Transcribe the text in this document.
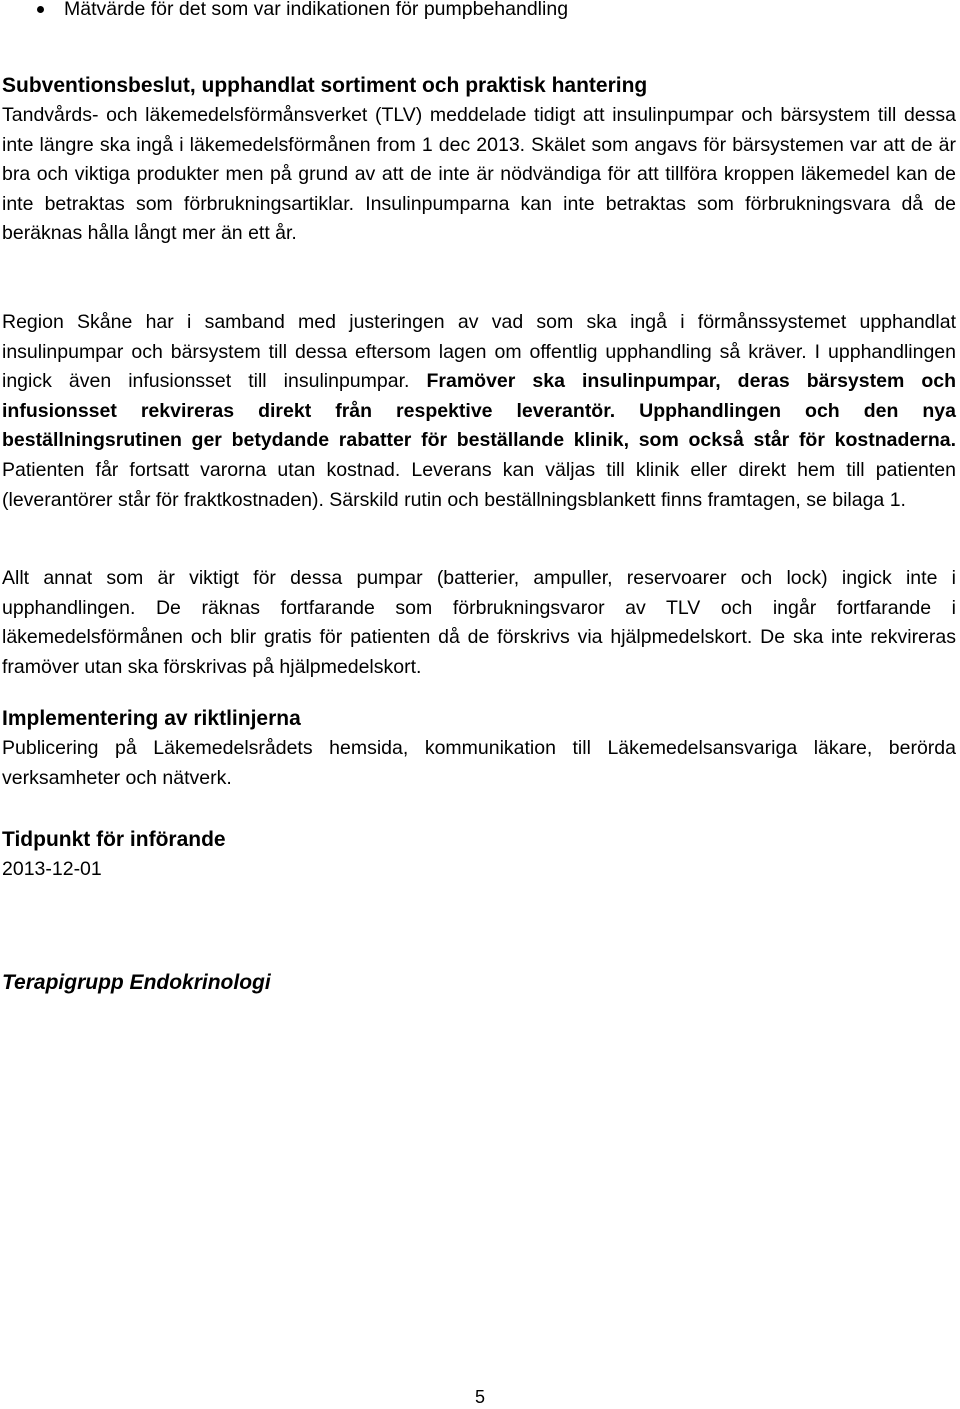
Mätvärde för det som var indikationen för pumpbehandling
Subventionsbeslut, upphandlat sortiment och praktisk hantering

Tandvårds- och läkemedelsförmånsverket (TLV) meddelade tidigt att insulinpumpar och bärsystem till dessa inte längre ska ingå i läkemedelsförmånen from 1 dec 2013. Skälet som angavs för bärsystemen var att de är bra och viktiga produkter men på grund av att de inte är nödvändiga för att tillföra kroppen läkemedel kan de inte betraktas som förbrukningsartiklar. Insulinpumparna kan inte betraktas som förbrukningsvara då de beräknas hålla långt mer än ett år.

Region Skåne har i samband med justeringen av vad som ska ingå i förmånssystemet upphandlat insulinpumpar och bärsystem till dessa eftersom lagen om offentlig upphandling så kräver. I upphandlingen ingick även infusionsset till insulinpumpar. Framöver ska insulinpumpar, deras bärsystem och infusionsset rekvireras direkt från respektive leverantör. Upphandlingen och den nya beställningsrutinen ger betydande rabatter för beställande klinik, som också står för kostnaderna. Patienten får fortsatt varorna utan kostnad. Leverans kan väljas till klinik eller direkt hem till patienten (leverantörer står för fraktkostnaden). Särskild rutin och beställningsblankett finns framtagen, se bilaga 1.

Allt annat som är viktigt för dessa pumpar (batterier, ampuller, reservoarer och lock) ingick inte i upphandlingen. De räknas fortfarande som förbrukningsvaror av TLV och ingår fortfarande i läkemedelsförmånen och blir gratis för patienten då de förskrivs via hjälpmedelskort. De ska inte rekvireras framöver utan ska förskrivas på hjälpmedelskort.

Implementering av riktlinjerna

Publicering på Läkemedelsrådets hemsida, kommunikation till Läkemedelsansvariga läkare, berörda verksamheter och nätverk.

Tidpunkt för införande

2013-12-01

Terapigrupp Endokrinologi
5
